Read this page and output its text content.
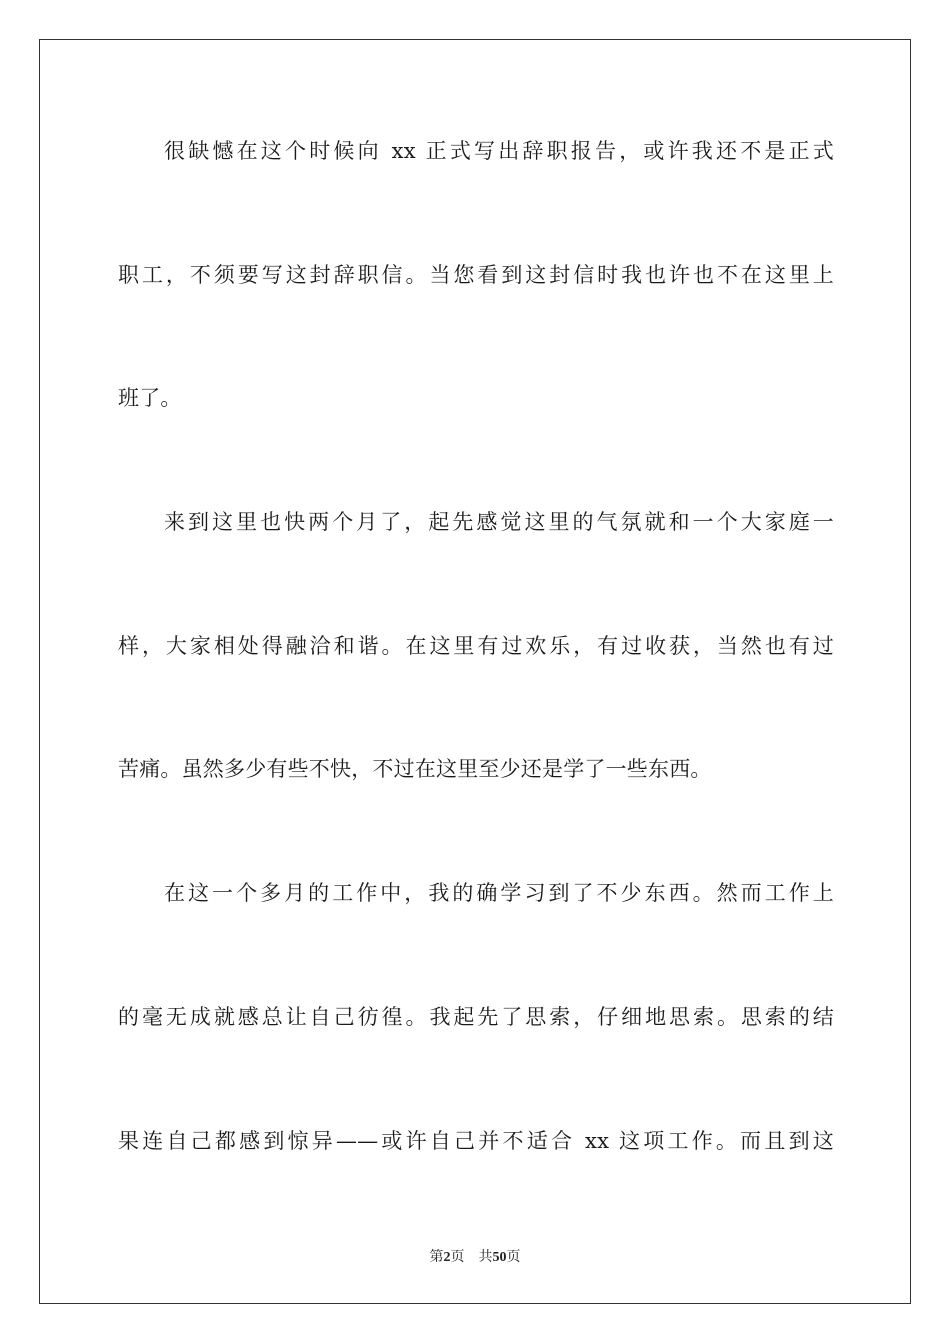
很缺憾在这个时候向 xx 正式写出辞职报告，或许我还不是正式
职工，不须要写这封辞职信。当您看到这封信时我也许也不在这里上
班了。
来到这里也快两个月了，起先感觉这里的气氛就和一个大家庭一
样，大家相处得融洽和谐。在这里有过欢乐，有过收获，当然也有过
苦痛。虽然多少有些不快，不过在这里至少还是学了一些东西。
在这一个多月的工作中，我的确学习到了不少东西。然而工作上
的毫无成就感总让自己彷徨。我起先了思索，仔细地思索。思索的结
果连自己都感到惊异——或许自己并不适合 xx 这项工作。而且到这
第2页 共50页
